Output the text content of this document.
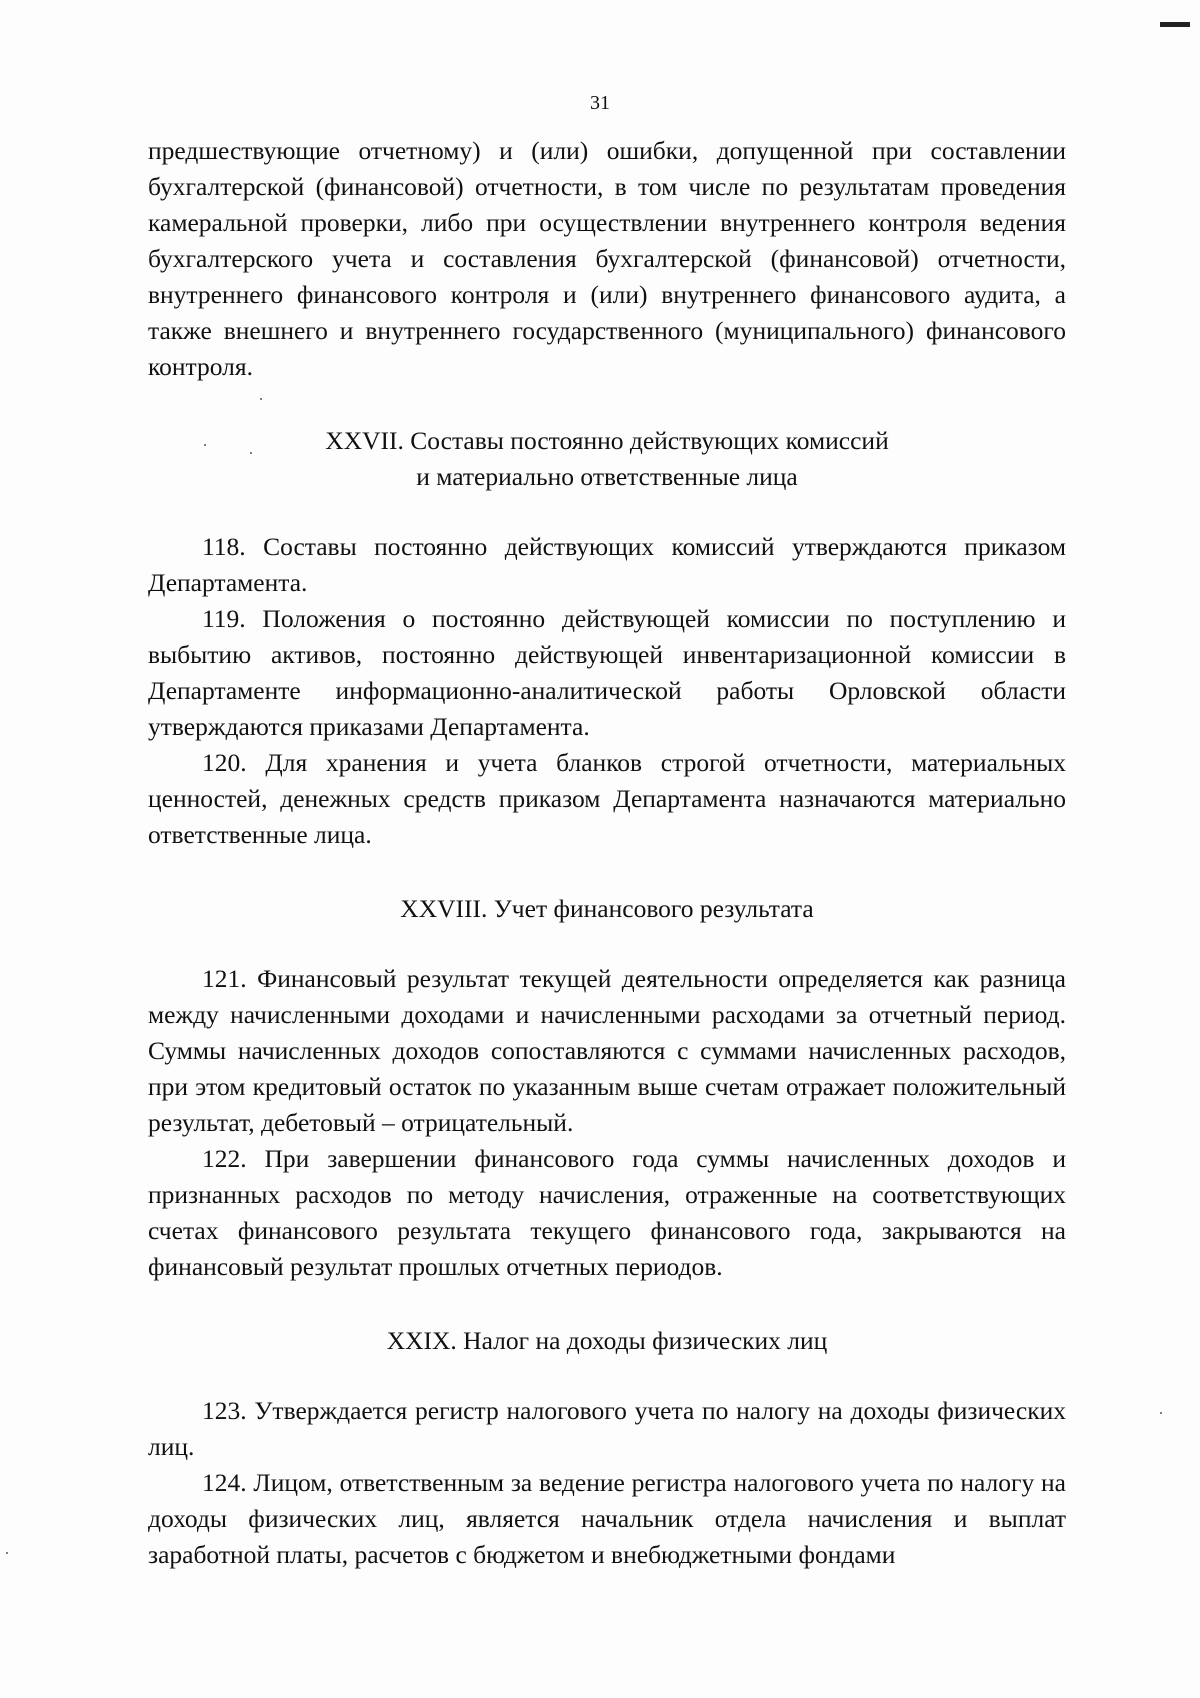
31

предшествующие отчетному) и (или) ошибки, допущенной при составлении бухгалтерской (финансовой) отчетности, в том числе по результатам проведения камеральной проверки, либо при осуществлении внутреннего контроля ведения бухгалтерского учета и составления бухгалтерской (финансовой) отчетности, внутреннего финансового контроля и (или) внутреннего финансового аудита, а также внешнего и внутреннего государственного (муниципального) финансового контроля.

XXVII. Составы постоянно действующих комиссий

и материально ответственные лица

118. Составы постоянно действующих комиссий утверждаются приказом Департамента.

119. Положения о постоянно действующей комиссии по поступлению и выбытию активов, постоянно действующей инвентаризационной комиссии в Департаменте информационно-аналитической работы Орловской области утверждаются приказами Департамента.

120. Для хранения и учета бланков строгой отчетности, материальных ценностей, денежных средств приказом Департамента назначаются материально ответственные лица.

XXVIII. Учет финансового результата

121. Финансовый результат текущей деятельности определяется как разница между начисленными доходами и начисленными расходами за отчетный период. Суммы начисленных доходов сопоставляются с суммами начисленных расходов, при этом кредитовый остаток по указанным выше счетам отражает положительный результат, дебетовый – отрицательный.

122. При завершении финансового года суммы начисленных доходов и признанных расходов по методу начисления, отраженные на соответствующих счетах финансового результата текущего финансового года, закрываются на финансовый результат прошлых отчетных периодов.

XXIX. Налог на доходы физических лиц

123. Утверждается регистр налогового учета по налогу на доходы физических лиц.

124. Лицом, ответственным за ведение регистра налогового учета по налогу на доходы физических лиц, является начальник отдела начисления и выплат заработной платы, расчетов с бюджетом и внебюджетными фондами
